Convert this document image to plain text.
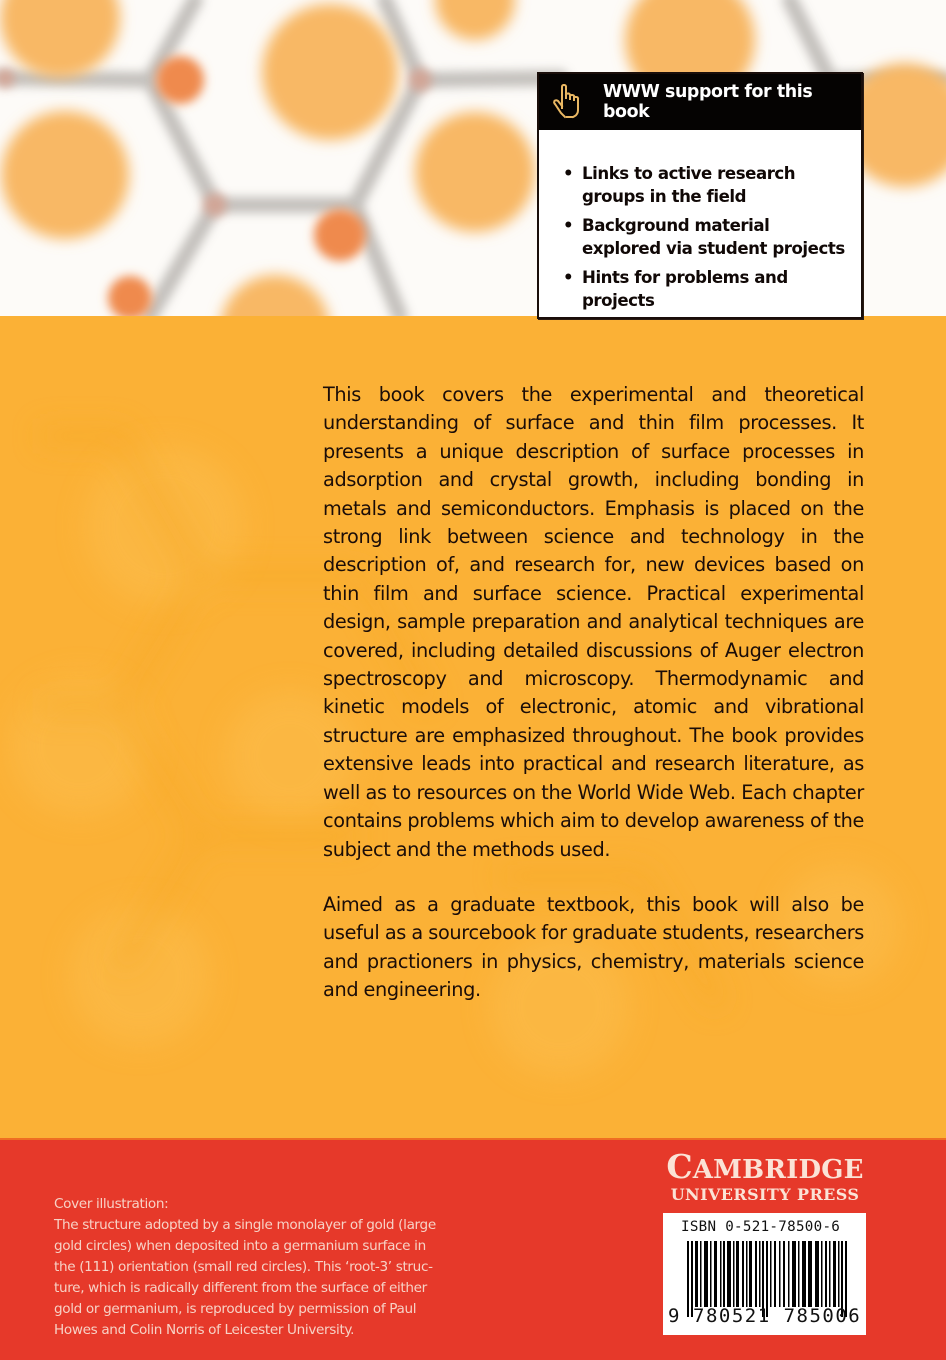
This book covers the experimental and theoretical understanding of surface and thin film processes. It presents a unique description of surface processes in adsorption and crystal growth, including bonding in metals and semiconductors. Emphasis is placed on the strong link between science and technology in the description of, and research for, new devices based on thin film and surface science. Practical experimental design, sample preparation and analytical techniques are covered, including detailed discussions of Auger electron spectroscopy and microscopy. Thermodynamic and kinetic models of electronic, atomic and vibrational structure are emphasized throughout. The book provides extensive leads into practical and research literature, as well as to resources on the World Wide Web. Each chapter contains problems which aim to develop awareness of the subject and the methods used.

Aimed as a graduate textbook, this book will also be useful as a sourcebook for graduate students, researchers and practioners in physics, chemistry, materials science and engineering.

WWW support for this book
• Links to active research groups in the field
• Background material explored via student projects
• Hints for problems and projects
Cover illustration:
The structure adopted by a single monolayer of gold (large
gold circles) when deposited into a germanium surface in
the (111) orientation (small red circles). This ‘root-3’ struc-
ture, which is radically different from the surface of either
gold or germanium, is reproduced by permission of Paul
Howes and Colin Norris of Leicester University.
CAMBRIDGE
UNIVERSITY PRESS
ISBN 0-521-78500-6
9 780521 785006
